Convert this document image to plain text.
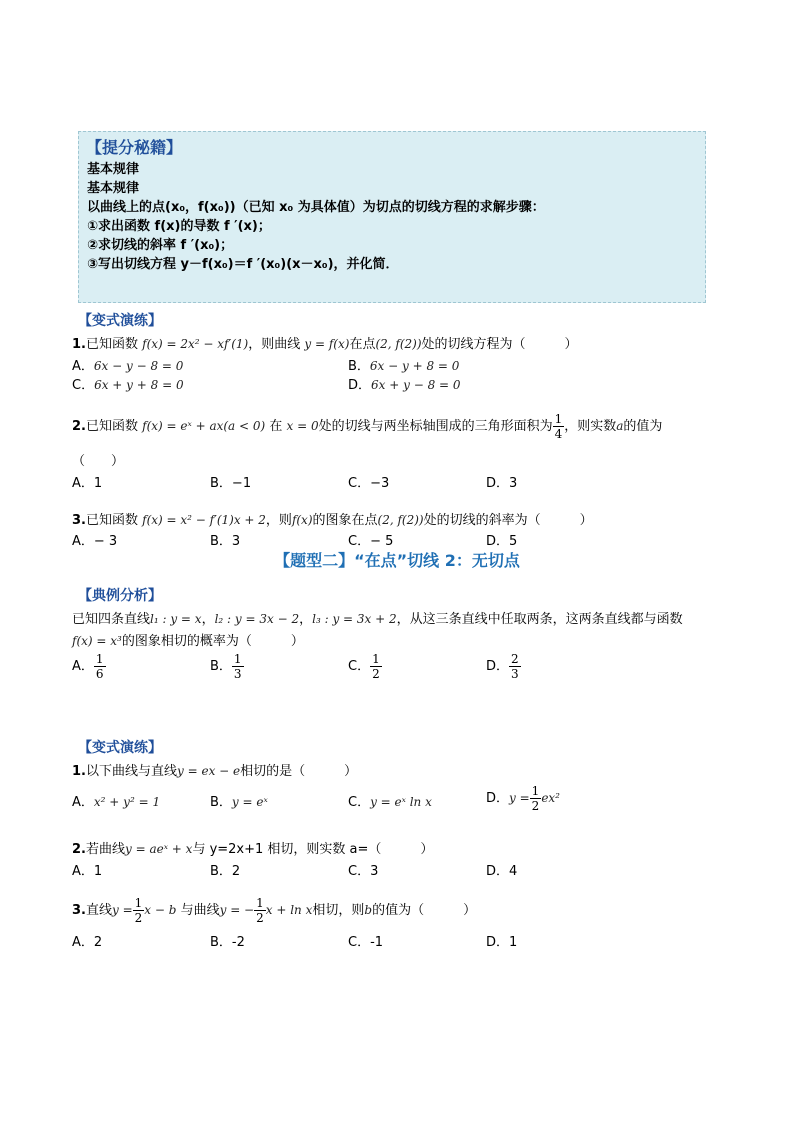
【提分秘籍】
基本规律
基本规律
以曲线上的点(x₀，f(x₀))（已知 x₀ 为具体值）为切点的切线方程的求解步骤：
①求出函数 f(x)的导数 f ′(x)；
②求切线的斜率 f ′(x₀)；
③写出切线方程 y－f(x₀)＝f ′(x₀)(x－x₀)，并化简．
【变式演练】
1.已知函数 f(x) = 2x² − xf′(1)，则曲线 y = f(x)在点(2, f(2))处的切线方程为（　　　）
A．6x − y − 8 = 0	B．6x − y + 8 = 0
C．6x + y + 8 = 0	D．6x + y − 8 = 0
2.已知函数 f(x) = eˣ + ax(a < 0) 在 x = 0处的切线与两坐标轴围成的三角形面积为 $\frac{1}{4}$ ，则实数a的值为
（　　）
A．1	B．−1	C．−3	D．3
3.已知函数 f(x) = x² − f′(1)x + 2，则f(x)的图象在点(2, f(2))处的切线的斜率为（　　　）
A．− 3	B．3	C．− 5	D．5
【题型二】“在点”切线 2：无切点
【典例分析】
已知四条直线l₁ : y = x，l₂ : y = 3x − 2，l₃ : y = 3x + 2，从这三条直线中任取两条，这两条直线都与函数
f(x) = x³的图象相切的概率为（　　　）
A． $\frac{1}{6}$	B． $\frac{1}{3}$	C． $\frac{1}{2}$	D． $\frac{2}{3}$
【变式演练】
1.以下曲线与直线y = ex − e相切的是（　　　）
A．x² + y² = 1	B．y = eˣ	C．y = eˣ ln x	D．$y = \frac{1}{2} ex^2$
2.若曲线y = aeˣ + x与 y=2x+1 相切，则实数 a=（　　　）
A．1	B．2	C．3	D．4
3.直线$y = \frac{1}{2}$ x − b 与曲线y = − $\frac{1}{2}$ x + ln x相切，则b的值为（　　　）
A．2	B．-2	C．-1	D．1
